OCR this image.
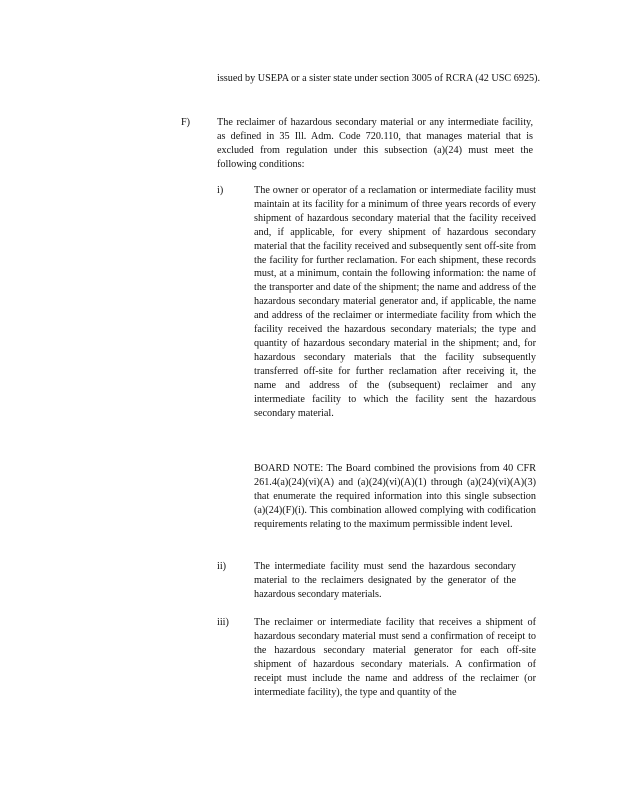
issued by USEPA or a sister state under section 3005 of RCRA (42 USC 6925).

F)	The reclaimer of hazardous secondary material or any intermediate facility, as defined in 35 Ill. Adm. Code 720.110, that manages material that is excluded from regulation under this subsection (a)(24) must meet the following conditions:

i)	The owner or operator of a reclamation or intermediate facility must maintain at its facility for a minimum of three years records of every shipment of hazardous secondary material that the facility received and, if applicable, for every shipment of hazardous secondary material that the facility received and subsequently sent off-site from the facility for further reclamation. For each shipment, these records must, at a minimum, contain the following information: the name of the transporter and date of the shipment; the name and address of the hazardous secondary material generator and, if applicable, the name and address of the reclaimer or intermediate facility from which the facility received the hazardous secondary materials; the type and quantity of hazardous secondary material in the shipment; and, for hazardous secondary materials that the facility subsequently transferred off-site for further reclamation after receiving it, the name and address of the (subsequent) reclaimer and any intermediate facility to which the facility sent the hazardous secondary material.

BOARD NOTE: The Board combined the provisions from 40 CFR 261.4(a)(24)(vi)(A) and (a)(24)(vi)(A)(1) through (a)(24)(vi)(A)(3) that enumerate the required information into this single subsection (a)(24)(F)(i). This combination allowed complying with codification requirements relating to the maximum permissible indent level.

ii)	The intermediate facility must send the hazardous secondary material to the reclaimers designated by the generator of the hazardous secondary materials.

iii) The reclaimer or intermediate facility that receives a shipment of hazardous secondary material must send a confirmation of receipt to the hazardous secondary material generator for each off-site shipment of hazardous secondary materials. A confirmation of receipt must include the name and address of the reclaimer (or intermediate facility), the type and quantity of the
